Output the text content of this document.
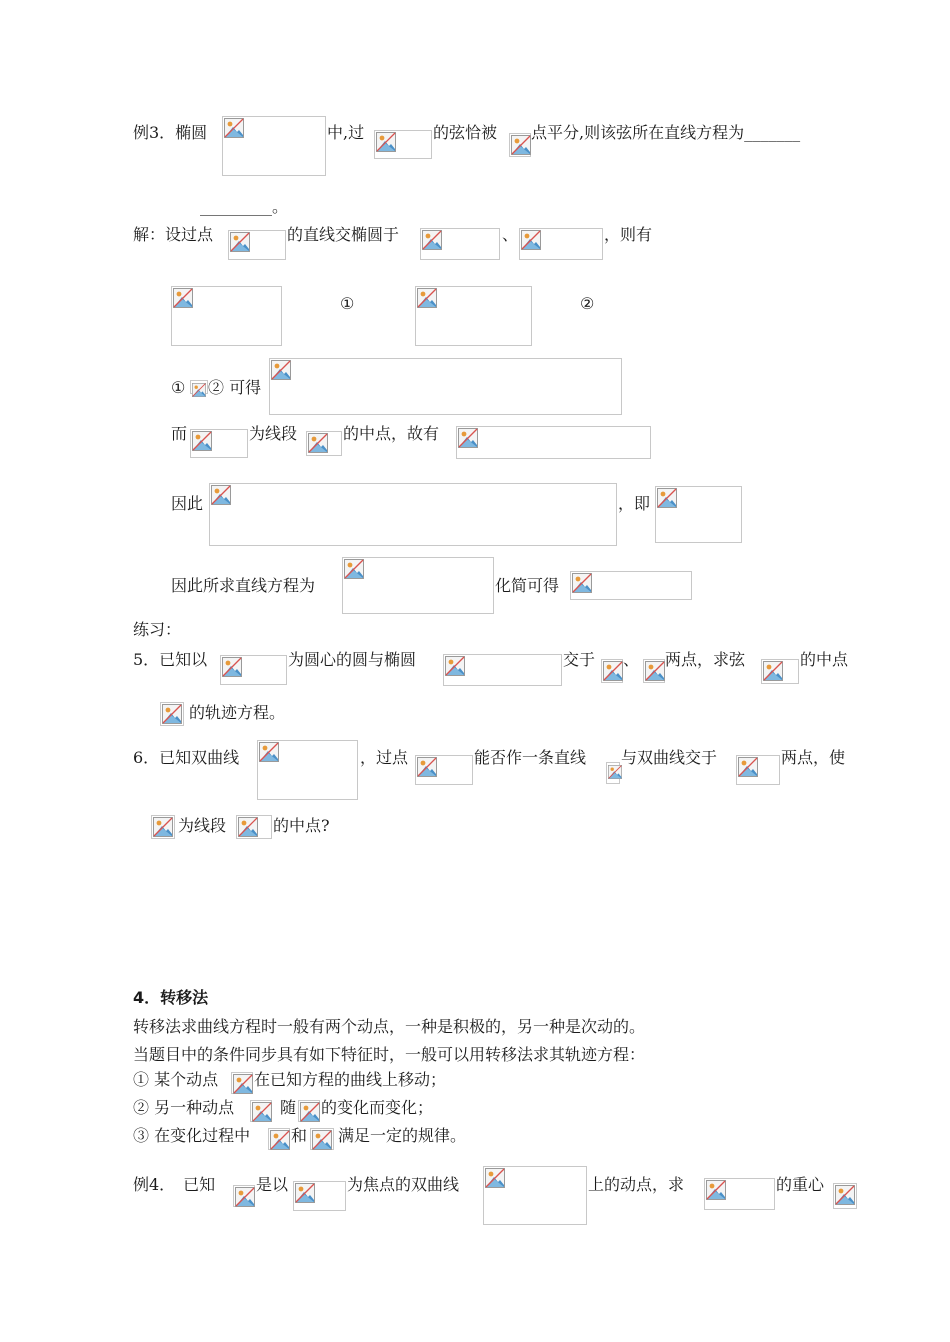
例3．椭圆	中,过	的弦恰被 点平分,则该弦所在直线方程为_______
_________。
解：设过点	的直线交椭圆于	、	，则有
①	②
① ② 可得
而	为线段	的中点，故有
因此	，即
因此所求直线方程为	化简可得
练习：
5．已知以	为圆心的圆与椭圆	交于 、 两点，求弦	的中点
的轨迹方程。
6．已知双曲线	，过点	能否作一条直线 与双曲线交于	两点，使
为线段	的中点?
4．转移法
转移法求曲线方程时一般有两个动点，一种是积极的，另一种是次动的。
当题目中的条件同步具有如下特征时，一般可以用转移法求其轨迹方程：
① 某个动点 在已知方程的曲线上移动；
② 另一种动点	随 的变化而变化；
③ 在变化过程中	和 满足一定的规律。
例4．　已知	是以	为焦点的双曲线	上的动点，求	的重心
